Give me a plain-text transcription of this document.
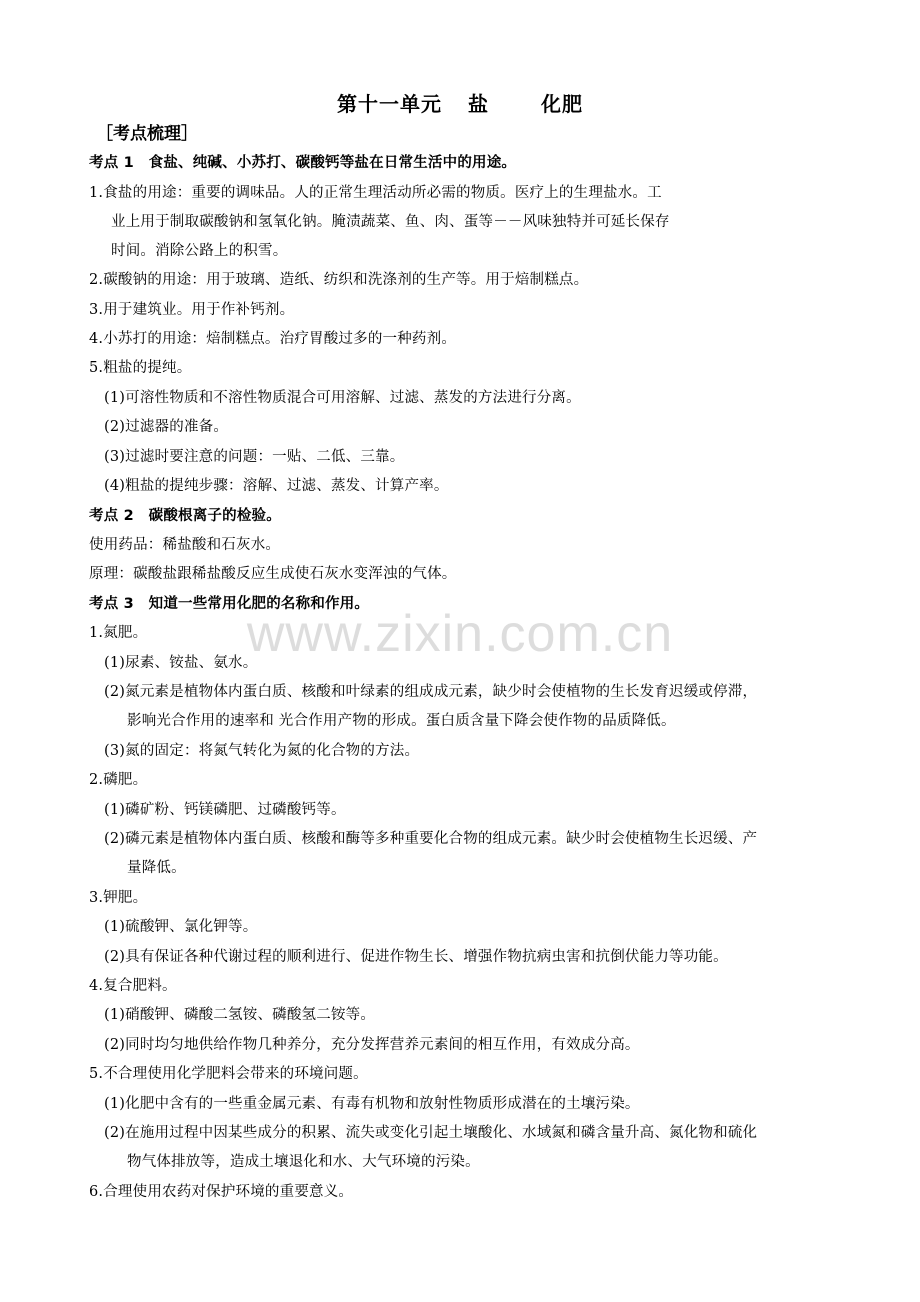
www.zixin.com.cn
第十一单元 盐	化肥
［考点梳理］
考点 1　食盐、纯碱、小苏打、碳酸钙等盐在日常生活中的用途。
1.食盐的用途：重要的调味品。人的正常生理活动所必需的物质。医疗上的生理盐水。工
业上用于制取碳酸钠和氢氧化钠。腌渍蔬菜、鱼、肉、蛋等－－风味独特并可延长保存
时间。消除公路上的积雪。
2.碳酸钠的用途：用于玻璃、造纸、纺织和洗涤剂的生产等。用于焙制糕点。
3.用于建筑业。用于作补钙剂。
4.小苏打的用途：焙制糕点。治疗胃酸过多的一种药剂。
5.粗盐的提纯。
(1)可溶性物质和不溶性物质混合可用溶解、过滤、蒸发的方法进行分离。
(2)过滤器的准备。
(3)过滤时要注意的问题：一贴、二低、三靠。
(4)粗盐的提纯步骤：溶解、过滤、蒸发、计算产率。
考点 2　碳酸根离子的检验。
使用药品：稀盐酸和石灰水。
原理：碳酸盐跟稀盐酸反应生成使石灰水变浑浊的气体。
考点 3　知道一些常用化肥的名称和作用。
1.氮肥。
(1)尿素、铵盐、氨水。
(2)氮元素是植物体内蛋白质、核酸和叶绿素的组成成元素，缺少时会使植物的生长发育迟缓或停滞，
影响光合作用的速率和 光合作用产物的形成。蛋白质含量下降会使作物的品质降低。
(3)氮的固定：将氮气转化为氮的化合物的方法。
2.磷肥。
(1)磷矿粉、钙镁磷肥、过磷酸钙等。
(2)磷元素是植物体内蛋白质、核酸和酶等多种重要化合物的组成元素。缺少时会使植物生长迟缓、产
量降低。
3.钾肥。
(1)硫酸钾、氯化钾等。
(2)具有保证各种代谢过程的顺利进行、促进作物生长、增强作物抗病虫害和抗倒伏能力等功能。
4.复合肥料。
(1)硝酸钾、磷酸二氢铵、磷酸氢二铵等。
(2)同时均匀地供给作物几种养分，充分发挥营养元素间的相互作用，有效成分高。
5.不合理使用化学肥料会带来的环境问题。
(1)化肥中含有的一些重金属元素、有毒有机物和放射性物质形成潜在的土壤污染。
(2)在施用过程中因某些成分的积累、流失或变化引起土壤酸化、水域氮和磷含量升高、氮化物和硫化
物气体排放等，造成土壤退化和水、大气环境的污染。
6.合理使用农药对保护环境的重要意义。
